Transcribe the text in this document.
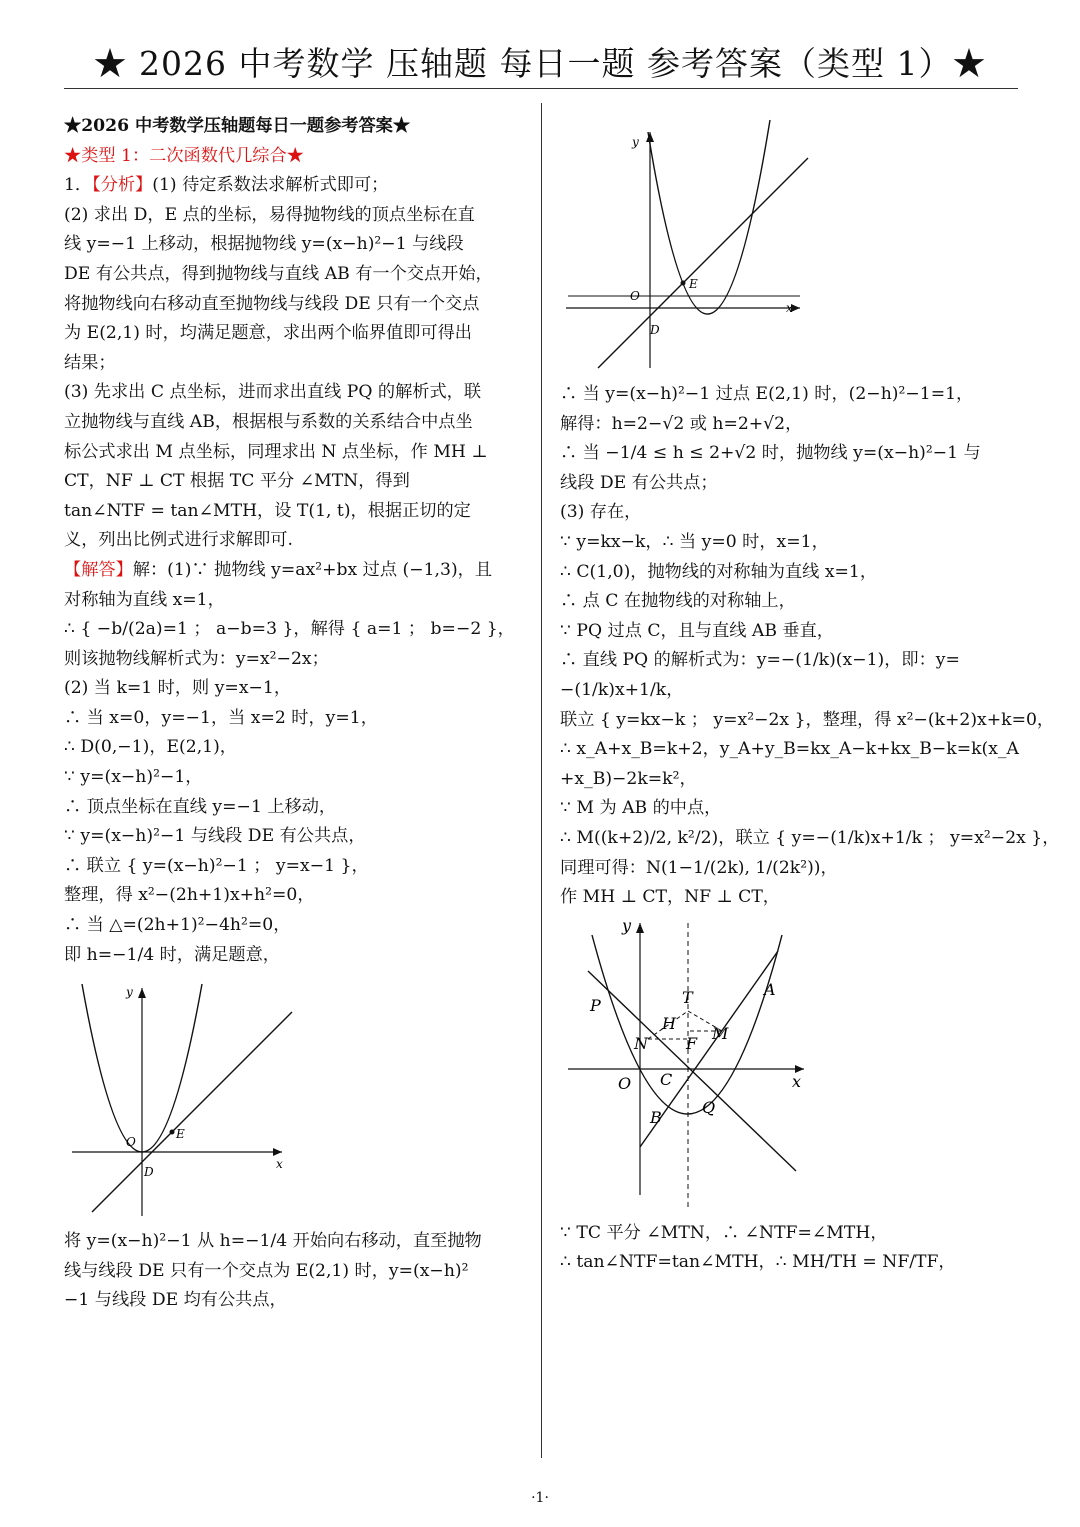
★ 2026 中考数学 压轴题 每日一题 参考答案（类型 1）★
★2026 中考数学压轴题每日一题参考答案★
★类型 1：二次函数代几综合★
1．【分析】(1) 待定系数法求解析式即可；
(2) 求出 D，E 点的坐标，易得抛物线的顶点坐标在直
线 y=−1 上移动，根据抛物线 y=(x−h)²−1 与线段
DE 有公共点，得到抛物线与直线 AB 有一个交点开始，
将抛物线向右移动直至抛物线与线段 DE 只有一个交点
为 E(2,1) 时，均满足题意，求出两个临界值即可得出
结果；
(3) 先求出 C 点坐标，进而求出直线 PQ 的解析式，联
立抛物线与直线 AB，根据根与系数的关系结合中点坐
标公式求出 M 点坐标，同理求出 N 点坐标，作 MH ⊥
CT，NF ⊥ CT 根据 TC 平分 ∠MTN，得到
tan∠NTF = tan∠MTH，设 T(1, t)，根据正切的定
义，列出比例式进行求解即可.
【解答】解：(1)∵ 抛物线 y=ax²+bx 过点 (−1,3)，且
对称轴为直线 x=1，
∴ { −b/(2a)=1 ； a−b=3 }，解得 { a=1 ； b=−2 }，
则该抛物线解析式为：y=x²−2x；
(2) 当 k=1 时，则 y=x−1，
∴ 当 x=0，y=−1，当 x=2 时，y=1，
∴ D(0,−1)，E(2,1)，
∵ y=(x−h)²−1，
∴ 顶点坐标在直线 y=−1 上移动，
∵ y=(x−h)²−1 与线段 DE 有公共点，
∴ 联立 { y=(x−h)²−1 ； y=x−1 }，
整理，得 x²−(2h+1)x+h²=0，
∴ 当 △=(2h+1)²−4h²=0，
即 h=−1/4 时，满足题意，
y
x
O
D
E
将 y=(x−h)²−1 从 h=−1/4 开始向右移动，直至抛物
线与线段 DE 只有一个交点为 E(2,1) 时，y=(x−h)²
−1 与线段 DE 均有公共点，
y
x
O
D
E
∴ 当 y=(x−h)²−1 过点 E(2,1) 时，(2−h)²−1=1，
解得：h=2−√2 或 h=2+√2，
∴ 当 −1/4 ≤ h ≤ 2+√2 时，抛物线 y=(x−h)²−1 与
线段 DE 有公共点；
(3) 存在，
∵ y=kx−k，∴ 当 y=0 时，x=1，
∴ C(1,0)，抛物线的对称轴为直线 x=1，
∴ 点 C 在抛物线的对称轴上，
∵ PQ 过点 C，且与直线 AB 垂直，
∴ 直线 PQ 的解析式为：y=−(1/k)(x−1)，即：y=
−(1/k)x+1/k，
联立 { y=kx−k ； y=x²−2x }，整理，得 x²−(k+2)x+k=0，
∴ x_A+x_B=k+2，y_A+y_B=kx_A−k+kx_B−k=k(x_A
+x_B)−2k=k²，
∵ M 为 AB 的中点，
∴ M((k+2)/2, k²/2)，联立 { y=−(1/k)x+1/k ； y=x²−2x }，
同理可得：N(1−1/(2k), 1/(2k²))，
作 MH ⊥ CT，NF ⊥ CT，
y
x
O C
A
B
P
Q
T
H
N F
M
∵ TC 平分 ∠MTN，∴ ∠NTF=∠MTH，
∴ tan∠NTF=tan∠MTH，∴ MH/TH = NF/TF，
·1·
